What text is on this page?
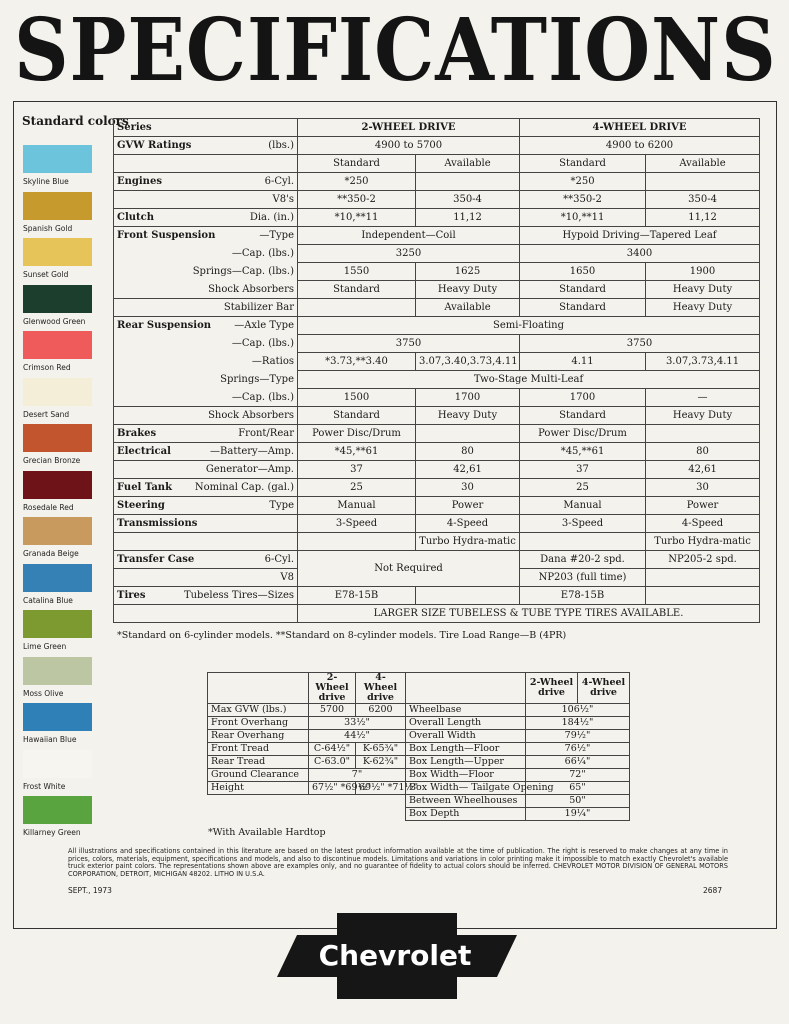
SPECIFICATIONS
Standard colors
Skyline Blue
Spanish Gold
Sunset Gold
Glenwood Green
Crimson Red
Desert Sand
Grecian Bronze
Rosedale Red
Granada Beige
Catalina Blue
Lime Green
Moss Olive
Hawaiian Blue
Frost White
Killarney Green
Series	2-WHEEL DRIVE		4-WHEEL DRIVE	

GVW Ratings (lbs.)	4900 to 5700		4900 to 6200	
	Standard	Available	Standard	Available

Engines 6-Cyl.	*250		*250	
V8's	**350-2	350-4	**350-2	350-4

Clutch Dia. (in.)	*10,**11	11,12	*10,**11	11,12

Front Suspension —Type	Independent—Coil		Hypoid Driving—Tapered Leaf	
—Cap. (lbs.)	3250		3400	
Springs—Cap. (lbs.)	1550	1625	1650	1900
Shock Absorbers	Standard	Heavy Duty	Standard	Heavy Duty
Stabilizer Bar		Available	Standard	Heavy Duty

Rear Suspension —Axle Type	Semi-Floating			
—Cap. (lbs.)	3750		3750	
—Ratios	*3.73,**3.40	3.07,3.40,3.73,4.11	4.11	3.07,3.73,4.11
Springs—Type	Two-Stage Multi-Leaf			
—Cap. (lbs.)	1500	1700	1700	—
Shock Absorbers	Standard	Heavy Duty	Standard	Heavy Duty

Brakes Front/Rear	Power Disc/Drum		Power Disc/Drum	

Electrical —Battery—Amp.	*45,**61	80	*45,**61	80
Generator—Amp.	37	42,61	37	42,61

Fuel Tank Nominal Cap. (gal.)	25	30	25	30

Steering Type	Manual	Power	Manual	Power
Transmissions	3-Speed	4-Speed	3-Speed	4-Speed
		Turbo Hydra-matic		Turbo Hydra-matic

Transfer Case 6-Cyl.	Not Required		Dana #20-2 spd.	NP205-2 spd.
V8			NP203 (full time)	

Tires Tubeless Tires—Sizes	E78-15B		E78-15B	
	LARGER SIZE TUBELESS & TUBE TYPE TIRES AVAILABLE.			
*Standard on 6-cylinder models. **Standard on 8-cylinder models. Tire Load Range—B (4PR)
	2-Wheel drive	4-Wheel drive		2-Wheel drive	4-Wheel drive
Max GVW (lbs.)	5700	6200	Wheelbase	106½"	
Front Overhang	33½"		Overall Length	184½"	
Rear Overhang	44½"		Overall Width	79½"	
Front Tread	C-64½"	K-65¾"	Box Length—Floor	76½"	
Rear Tread	C-63.0"	K-62¾"	Box Length—Upper	66¼"	
Ground Clearance	7"		Box Width—Floor	72"	
Height	67½" *69½"	69½" *71½"	Box Width— Tailgate Opening	65"	
			Between Wheelhouses	50"	
			Box Depth	19¼"	
*With Available Hardtop
All illustrations and specifications contained in this literature are based on the latest product information available at the time of publication. The right is reserved to make changes at any time in prices, colors, materials, equipment, specifications and models, and also to discontinue models. Limitations and variations in color printing make it impossible to match exactly Chevrolet's available truck exterior paint colors. The representations shown above are examples only, and no guarantee of fidelity to actual colors should be inferred. CHEVROLET MOTOR DIVISION OF GENERAL MOTORS CORPORATION, DETROIT, MICHIGAN 48202. LITHO IN U.S.A.
SEPT., 1973	2687
Chevrolet
